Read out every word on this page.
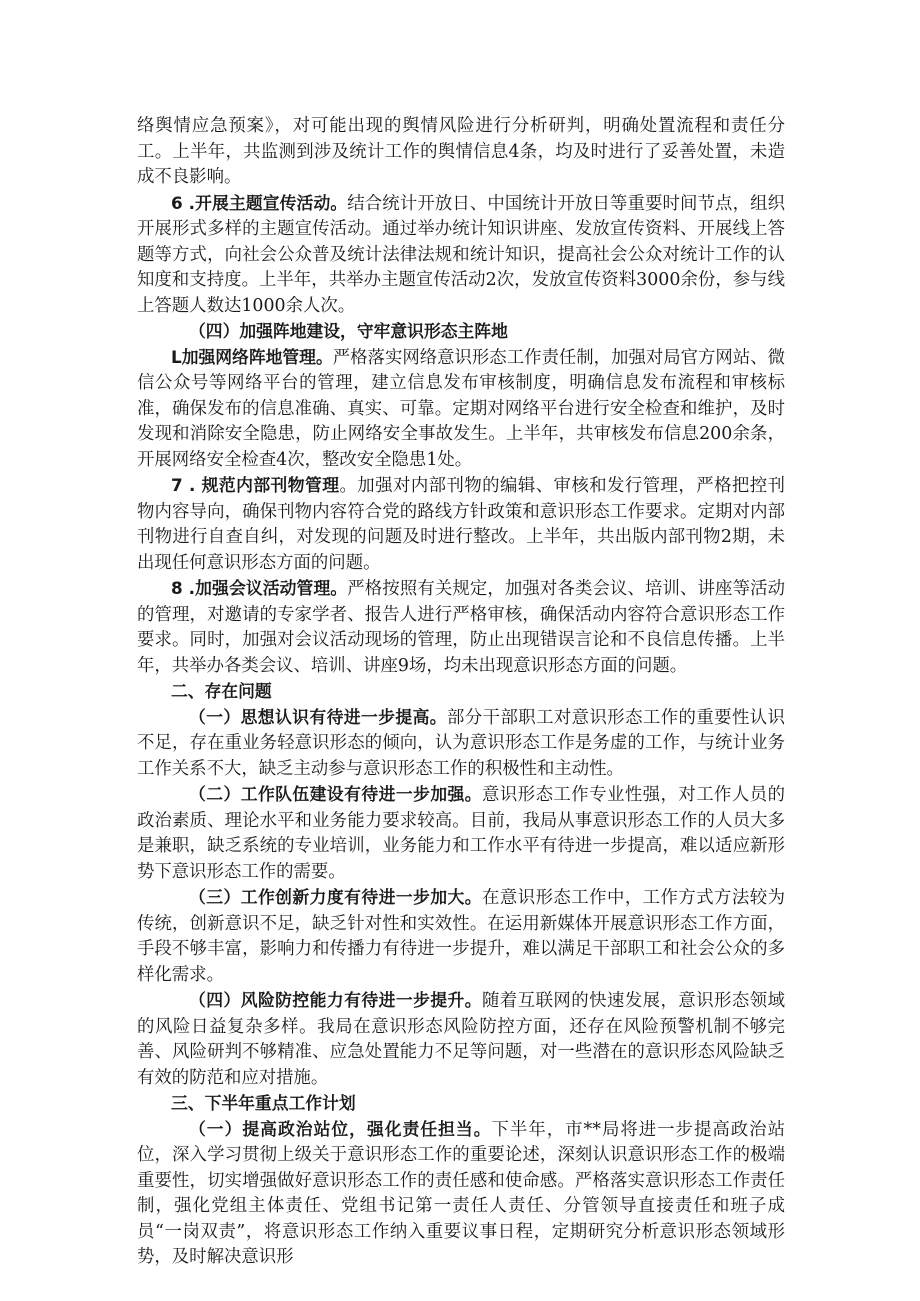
络舆情应急预案》，对可能出现的舆情风险进行分析研判，明确处置流程和责任分工。上半年，共监测到涉及统计工作的舆情信息4条，均及时进行了妥善处置，未造成不良影响。

6 .开展主题宣传活动。结合统计开放日、中国统计开放日等重要时间节点，组织开展形式多样的主题宣传活动。通过举办统计知识讲座、发放宣传资料、开展线上答题等方式，向社会公众普及统计法律法规和统计知识，提高社会公众对统计工作的认知度和支持度。上半年，共举办主题宣传活动2次，发放宣传资料3000余份，参与线上答题人数达1000余人次。

（四）加强阵地建设，守牢意识形态主阵地

L加强网络阵地管理。严格落实网络意识形态工作责任制，加强对局官方网站、微信公众号等网络平台的管理，建立信息发布审核制度，明确信息发布流程和审核标准，确保发布的信息准确、真实、可靠。定期对网络平台进行安全检查和维护，及时发现和消除安全隐患，防止网络安全事故发生。上半年，共审核发布信息200余条，开展网络安全检查4次，整改安全隐患1处。

7 . 规范内部刊物管理。加强对内部刊物的编辑、审核和发行管理，严格把控刊物内容导向，确保刊物内容符合党的路线方针政策和意识形态工作要求。定期对内部刊物进行自查自纠，对发现的问题及时进行整改。上半年，共出版内部刊物2期，未出现任何意识形态方面的问题。

8 .加强会议活动管理。严格按照有关规定，加强对各类会议、培训、讲座等活动的管理，对邀请的专家学者、报告人进行严格审核，确保活动内容符合意识形态工作要求。同时，加强对会议活动现场的管理，防止出现错误言论和不良信息传播。上半年，共举办各类会议、培训、讲座9场，均未出现意识形态方面的问题。

二、存在问题

（一）思想认识有待进一步提高。部分干部职工对意识形态工作的重要性认识不足，存在重业务轻意识形态的倾向，认为意识形态工作是务虚的工作，与统计业务工作关系不大，缺乏主动参与意识形态工作的积极性和主动性。

（二）工作队伍建设有待进一步加强。意识形态工作专业性强，对工作人员的政治素质、理论水平和业务能力要求较高。目前，我局从事意识形态工作的人员大多是兼职，缺乏系统的专业培训，业务能力和工作水平有待进一步提高，难以适应新形势下意识形态工作的需要。

（三）工作创新力度有待进一步加大。在意识形态工作中，工作方式方法较为传统，创新意识不足，缺乏针对性和实效性。在运用新媒体开展意识形态工作方面，手段不够丰富，影响力和传播力有待进一步提升，难以满足干部职工和社会公众的多样化需求。

（四）风险防控能力有待进一步提升。随着互联网的快速发展，意识形态领域的风险日益复杂多样。我局在意识形态风险防控方面，还存在风险预警机制不够完善、风险研判不够精准、应急处置能力不足等问题，对一些潜在的意识形态风险缺乏有效的防范和应对措施。

三、下半年重点工作计划

（一）提高政治站位，强化责任担当。下半年，市**局将进一步提高政治站位，深入学习贯彻上级关于意识形态工作的重要论述，深刻认识意识形态工作的极端重要性，切实增强做好意识形态工作的责任感和使命感。严格落实意识形态工作责任制，强化党组主体责任、党组书记第一责任人责任、分管领导直接责任和班子成员“一岗双责”，将意识形态工作纳入重要议事日程，定期研究分析意识形态领域形势，及时解决意识形
